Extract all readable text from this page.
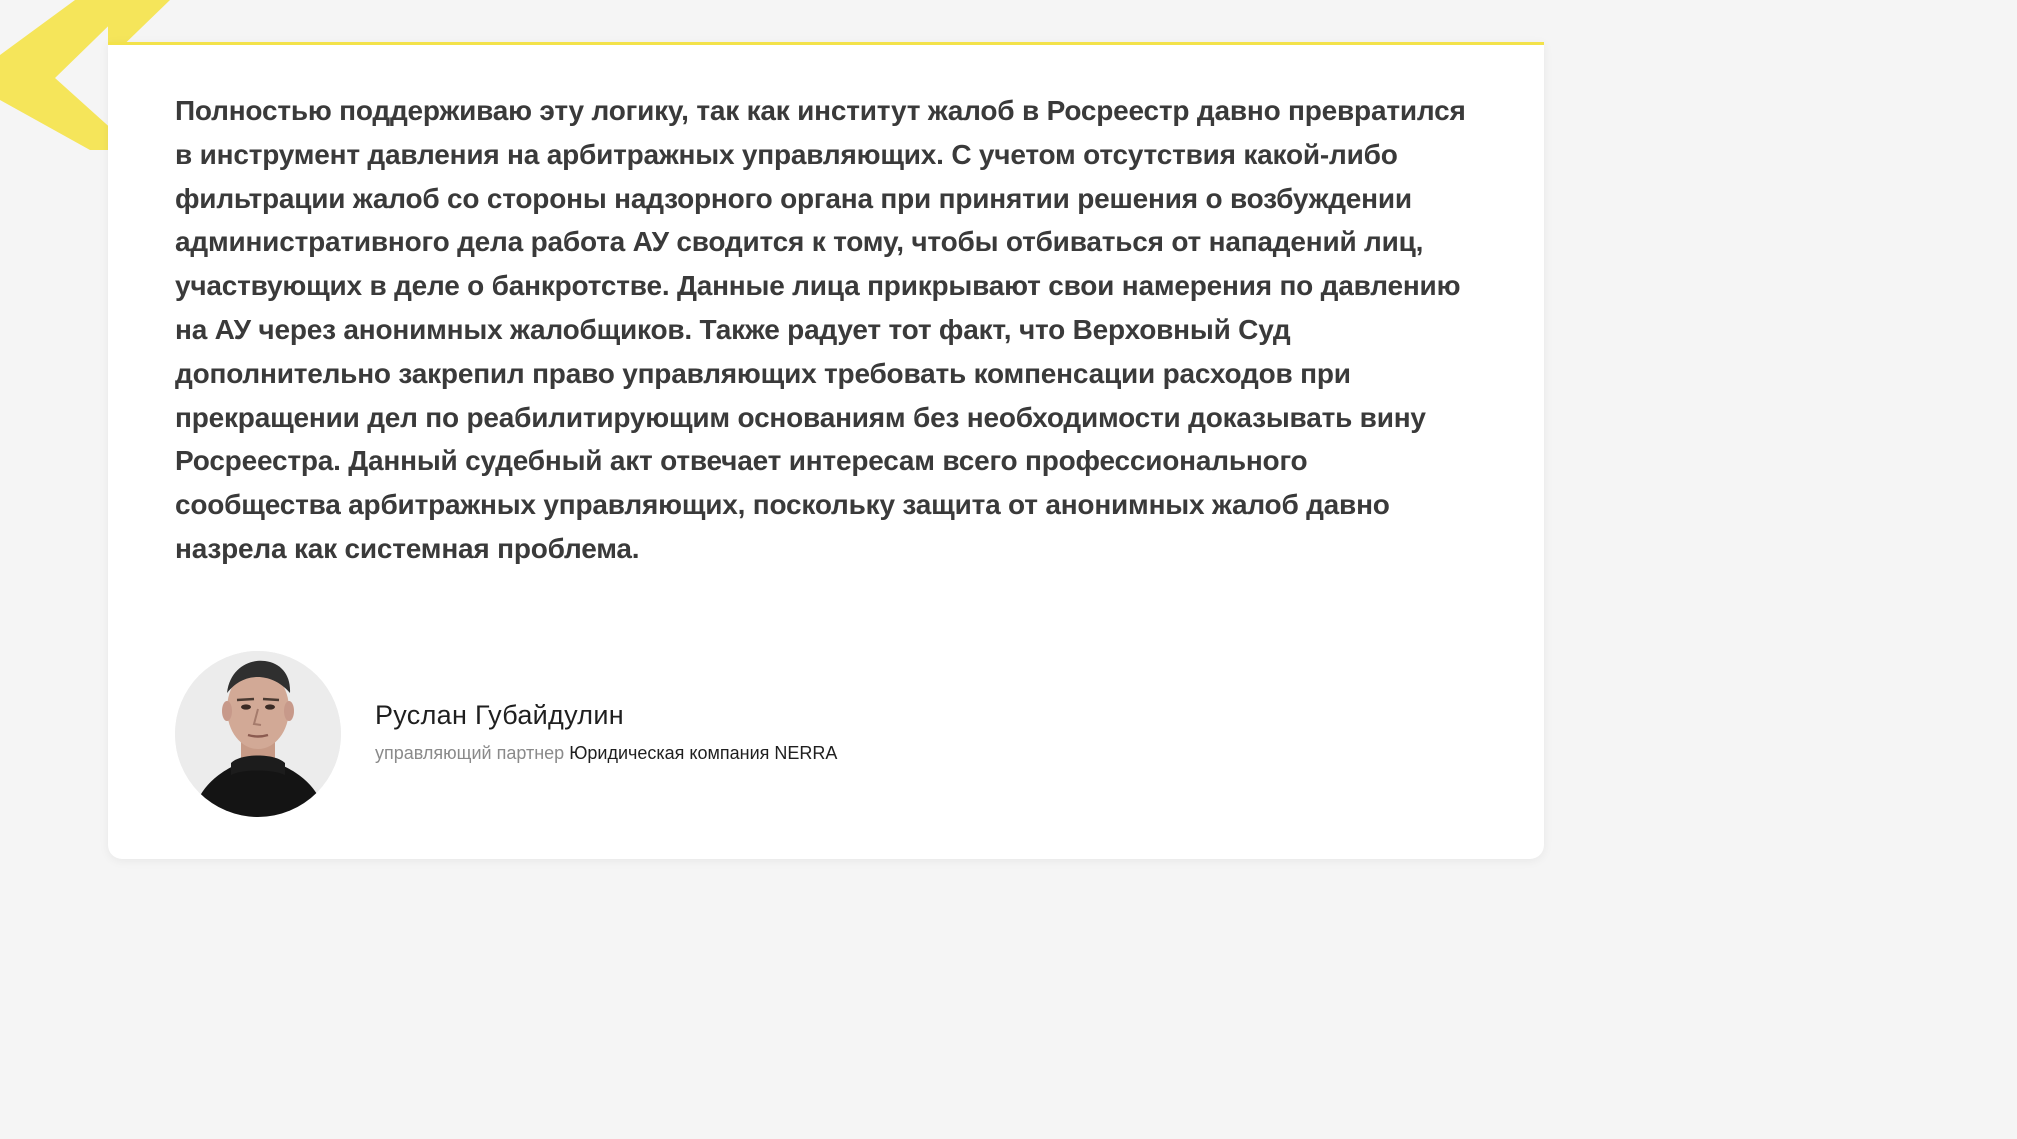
Полностью поддерживаю эту логику, так как институт жалоб в Росреестр давно превратился в инструмент давления на арбитражных управляющих. С учетом отсутствия какой-либо фильтрации жалоб со стороны надзорного органа при принятии решения о возбуждении административного дела работа АУ сводится к тому, чтобы отбиваться от нападений лиц, участвующих в деле о банкротстве. Данные лица прикрывают свои намерения по давлению на АУ через анонимных жалобщиков. Также радует тот факт, что Верховный Суд дополнительно закрепил право управляющих требовать компенсации расходов при прекращении дел по реабилитирующим основаниям без необходимости доказывать вину Росреестра. Данный судебный акт отвечает интересам всего профессионального сообщества арбитражных управляющих, поскольку защита от анонимных жалоб давно назрела как системная проблема.

Руслан Губайдулин
управляющий партнер Юридическая компания NERRA
